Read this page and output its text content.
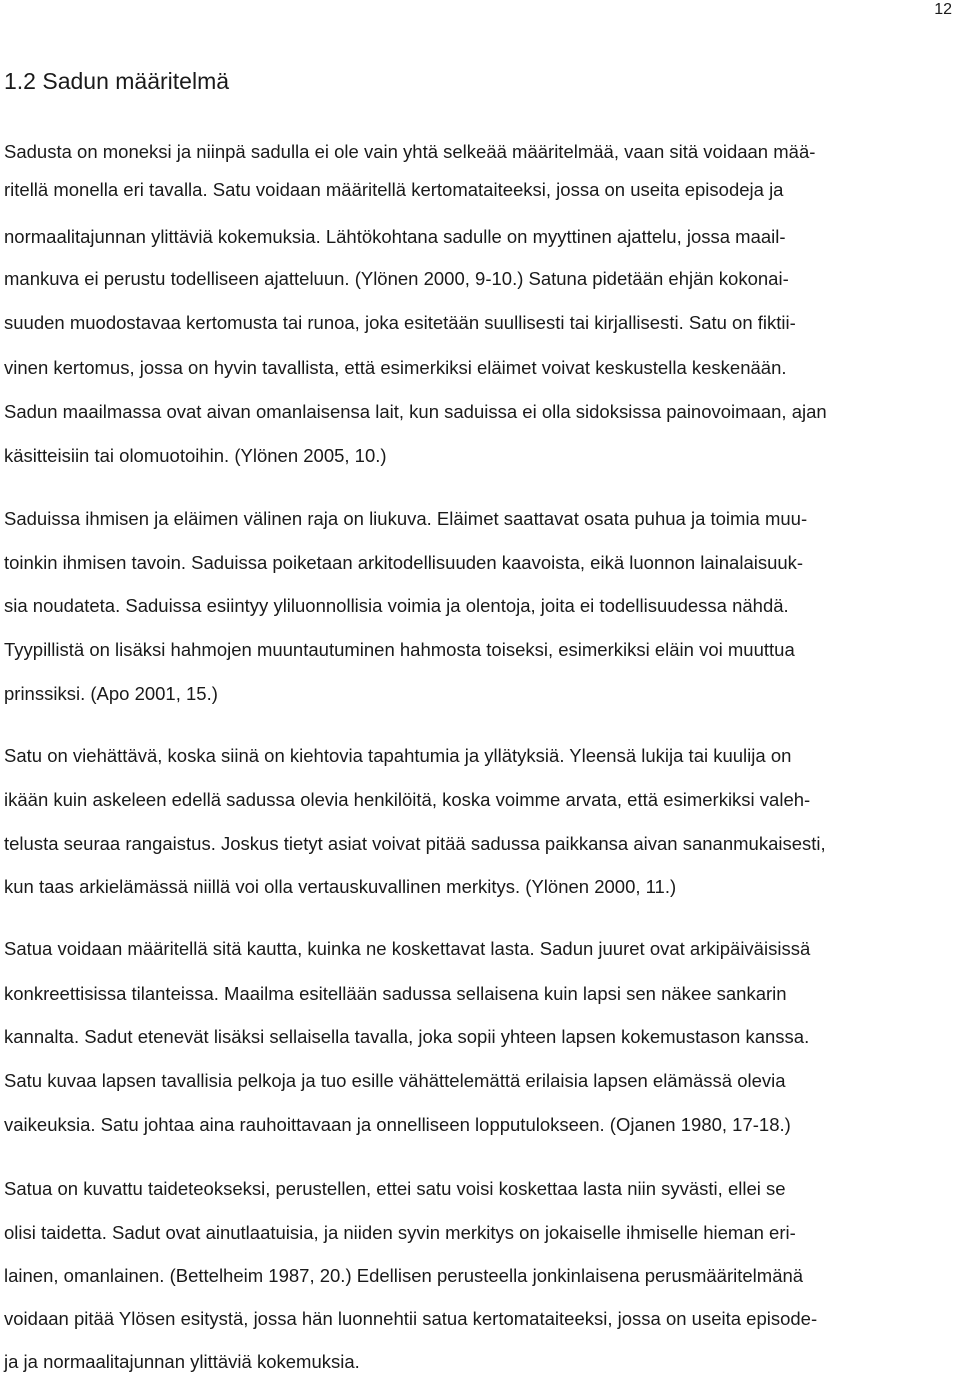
12
1.2 Sadun määritelmä
Sadusta on moneksi ja niinpä sadulla ei ole vain yhtä selkeää määritelmää, vaan sitä voidaan mää-
ritellä monella eri tavalla. Satu voidaan määritellä kertomataiteeksi, jossa on useita episodeja ja
normaalitajunnan ylittäviä kokemuksia. Lähtökohtana sadulle on myyttinen ajattelu, jossa maail-
mankuva ei perustu todelliseen ajatteluun. (Ylönen 2000, 9-10.) Satuna pidetään ehjän kokonai-
suuden muodostavaa kertomusta tai runoa, joka esitetään suullisesti tai kirjallisesti. Satu on fiktii-
vinen kertomus, jossa on hyvin tavallista, että esimerkiksi eläimet voivat keskustella keskenään.
Sadun maailmassa ovat aivan omanlaisensa lait, kun saduissa ei olla sidoksissa painovoimaan, ajan
käsitteisiin tai olomuotoihin. (Ylönen 2005, 10.)
Saduissa ihmisen ja eläimen välinen raja on liukuva. Eläimet saattavat osata puhua ja toimia muu-
toinkin ihmisen tavoin. Saduissa poiketaan arkitodellisuuden kaavoista, eikä luonnon lainalaisuuk-
sia noudateta. Saduissa esiintyy yliluonnollisia voimia ja olentoja, joita ei todellisuudessa nähdä.
Tyypillistä on lisäksi hahmojen muuntautuminen hahmosta toiseksi, esimerkiksi eläin voi muuttua
prinssiksi. (Apo 2001, 15.)
Satu on viehättävä, koska siinä on kiehtovia tapahtumia ja yllätyksiä. Yleensä lukija tai kuulija on
ikään kuin askeleen edellä sadussa olevia henkilöitä, koska voimme arvata, että esimerkiksi valeh-
telusta seuraa rangaistus. Joskus tietyt asiat voivat pitää sadussa paikkansa aivan sananmukaisesti,
kun taas arkielämässä niillä voi olla vertauskuvallinen merkitys. (Ylönen 2000, 11.)
Satua voidaan määritellä sitä kautta, kuinka ne koskettavat lasta. Sadun juuret ovat arkipäiväisissä
konkreettisissa tilanteissa. Maailma esitellään sadussa sellaisena kuin lapsi sen näkee sankarin
kannalta. Sadut etenevät lisäksi sellaisella tavalla, joka sopii yhteen lapsen kokemustason kanssa.
Satu kuvaa lapsen tavallisia pelkoja ja tuo esille vähättelemättä erilaisia lapsen elämässä olevia
vaikeuksia. Satu johtaa aina rauhoittavaan ja onnelliseen lopputulokseen. (Ojanen 1980, 17-18.)
Satua on kuvattu taideteokseksi, perustellen, ettei satu voisi koskettaa lasta niin syvästi, ellei se
olisi taidetta. Sadut ovat ainutlaatuisia, ja niiden syvin merkitys on jokaiselle ihmiselle hieman eri-
lainen, omanlainen. (Bettelheim 1987, 20.) Edellisen perusteella jonkinlaisena perusmääritelmänä
voidaan pitää Ylösen esitystä, jossa hän luonnehtii satua kertomataiteeksi, jossa on useita episode-
ja ja normaalitajunnan ylittäviä kokemuksia.
